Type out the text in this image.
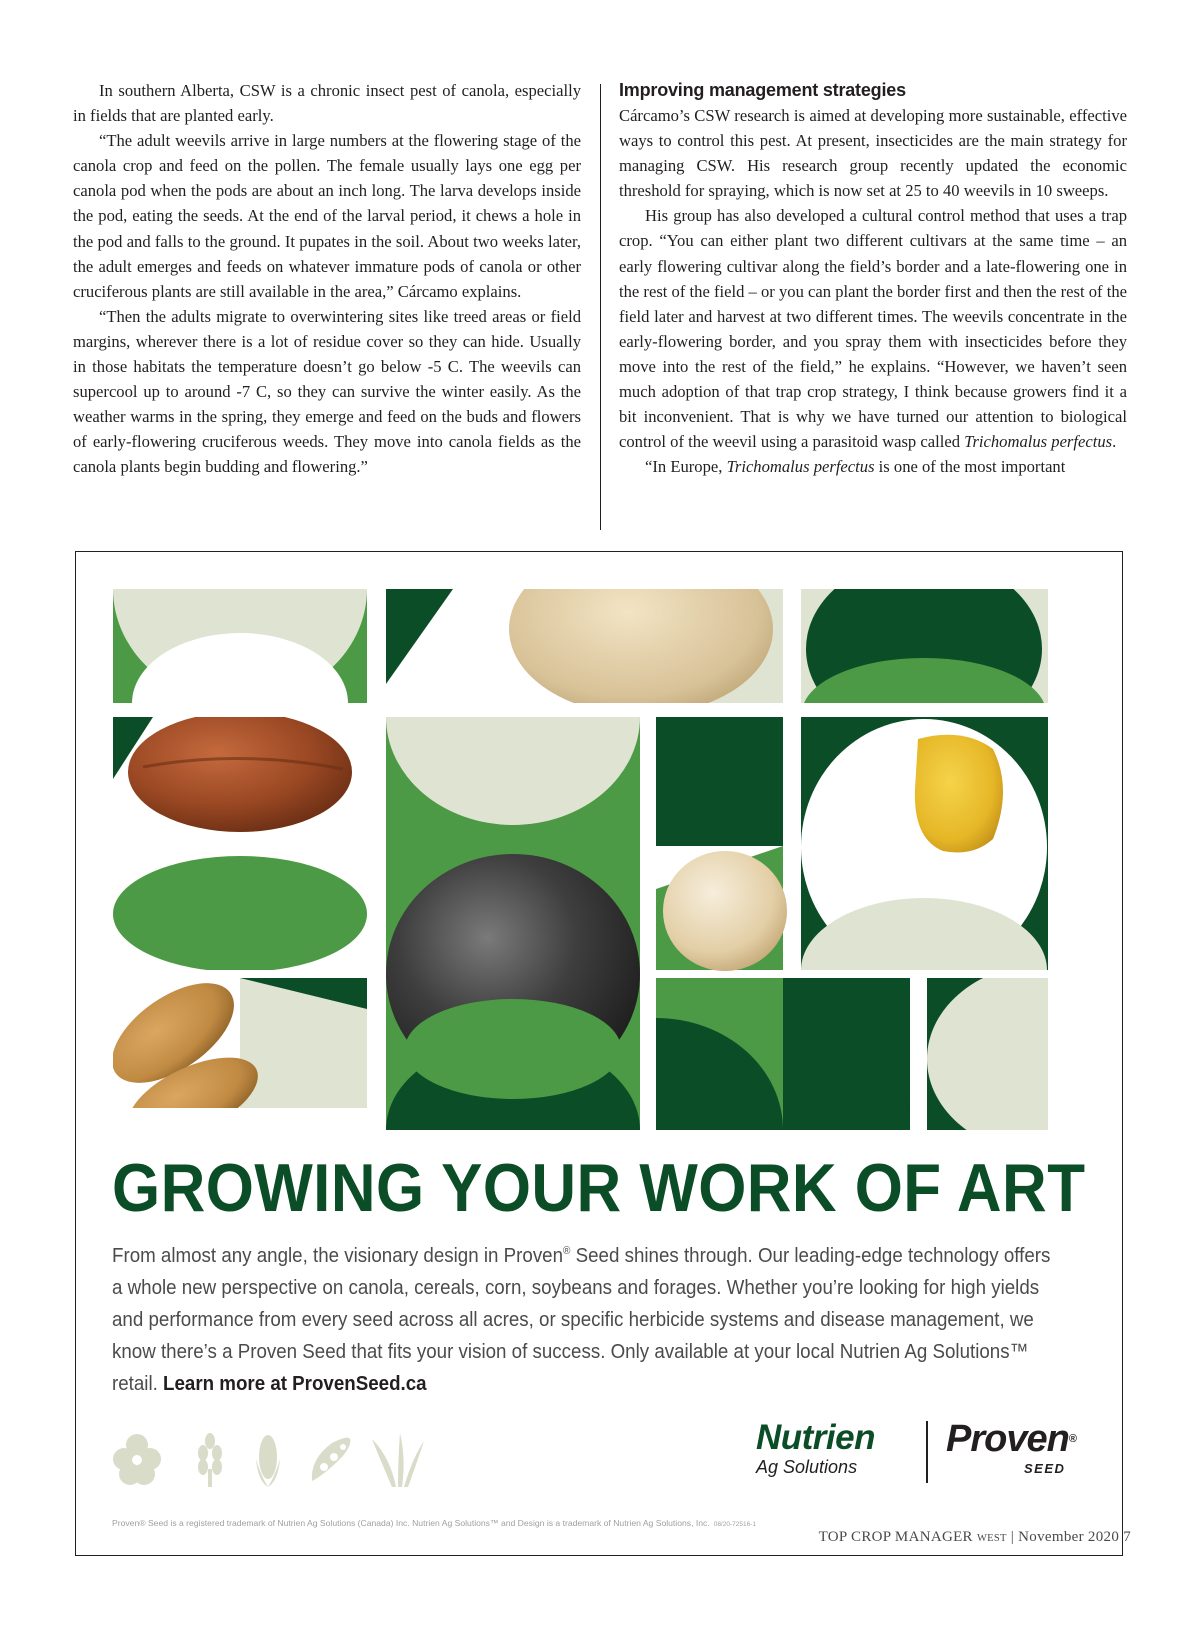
In southern Alberta, CSW is a chronic insect pest of canola, especially in fields that are planted early.

“The adult weevils arrive in large numbers at the flowering stage of the canola crop and feed on the pollen. The female usually lays one egg per canola pod when the pods are about an inch long. The larva develops inside the pod, eating the seeds. At the end of the larval period, it chews a hole in the pod and falls to the ground. It pupates in the soil. About two weeks later, the adult emerges and feeds on whatever immature pods of canola or other cruciferous plants are still available in the area,” Cárcamo explains.

“Then the adults migrate to overwintering sites like treed areas or field margins, wherever there is a lot of residue cover so they can hide. Usually in those habitats the temperature doesn’t go below -5 C. The weevils can supercool up to around -7 C, so they can survive the winter easily. As the weather warms in the spring, they emerge and feed on the buds and flowers of early-flowering cruciferous weeds. They move into canola fields as the canola plants begin budding and flowering.”

Improving management strategies

Cárcamo’s CSW research is aimed at developing more sustainable, effective ways to control this pest. At present, insecticides are the main strategy for managing CSW. His research group recently updated the economic threshold for spraying, which is now set at 25 to 40 weevils in 10 sweeps.

His group has also developed a cultural control method that uses a trap crop. “You can either plant two different cultivars at the same time – an early flowering cultivar along the field’s border and a late-flowering one in the rest of the field – or you can plant the border first and then the rest of the field later and harvest at two different times. The weevils concentrate in the early-flowering border, and you spray them with insecticides before they move into the rest of the field,” he explains. “However, we haven’t seen much adoption of that trap crop strategy, I think because growers find it a bit inconvenient. That is why we have turned our attention to biological control of the weevil using a parasitoid wasp called Trichomalus perfectus.

“In Europe, Trichomalus perfectus is one of the most important

GROWING YOUR WORK OF ART
From almost any angle, the visionary design in Proven® Seed shines through. Our leading-edge technology offers a whole new perspective on canola, cereals, corn, soybeans and forages. Whether you’re looking for high yields and performance from every seed across all acres, or specific herbicide systems and disease management, we know there’s a Proven Seed that fits your vision of success. Only available at your local Nutrien Ag Solutions™ retail. Learn more at ProvenSeed.ca
Nutrien
Ag Solutions
Proven®
SEED
Proven® Seed is a registered trademark of Nutrien Ag Solutions (Canada) Inc. Nutrien Ag Solutions™ and Design is a trademark of Nutrien Ag Solutions, Inc. 08/20-72516-1
TOP CROP MANAGER WEST | November 2020 7
